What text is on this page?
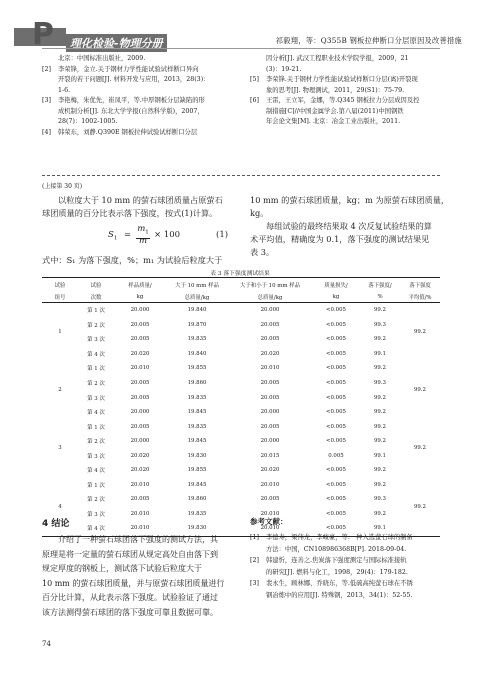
P	理化检验-物理分册	祁毅翔，等：Q355B 钢板拉伸断口分层原因及改善措施
北京：中国标准出版社，2009.
[2] 李荣锋，金立.关于钢材力学性能试验试样断口异向
开裂的若干问题[J]. 材料开发与应用，2013，28(3)：
1-6.
[3] 李艳梅，朱优先，崔凤平，等.中厚钢板分层缺陷的形
成机制分析[J]. 东北大学学报(自然科学版)，2007，
28(7)：1002-1005.
[4] 韩荣东，刘静.Q390E 钢板拉伸试验试样断口分层
因分析[J]. 武汉工程职业技术学院学报，2009，21
(3)：19-21.
[5] 李荣锋.关于钢材力学性能试验试样断口分层(离)开裂现
象的思考[J]. 物理测试，2011，29(S1)：75-79.
[6] 王雷，王立军，金娜，等.Q345 钢板拉力分层成因及控
制措施[C]//中国金属学会.第八届(2011)中国钢铁
年会论文集[M]. 北京：冶金工业出版社，2011.
(上接第 30 页)
以粒度大于 10 mm 的萤石球团质量占原萤石
球团质量的百分比表示落下强度，按式(1)计算。
$S_1$ =
$m_1$
m
× 100	(1)
式中：S₁ 为落下强度，%；m₁ 为试验后粒度大于
10 mm 的萤石球团质量，kg；m 为原萤石球团质量，
kg。
每组试验的最终结果取 4 次反复试验结果的算
术平均值，精确度为 0.1，落下强度的测试结果见
表 3。
表 3 落下强度测试结果
试验	试验	样品质量/	大于 10 mm 样品	大于和小于 10 mm 样品	质量损失/	落下强度/	落下强度
组号	次数	kg	总质量/kg	总质量/kg	kg	%	平均值/%
1	第 1 次	20.000	19.840	20.000	<0.005	99.2	99.2
	第 2 次	20.005	19.870	20.005	<0.005	99.3	
	第 3 次	20.005	19.835	20.005	<0.005	99.2	
	第 4 次	20.020	19.840	20.020	<0.005	99.1	
2	第 1 次	20.010	19.855	20.010	<0.005	99.2	99.2
	第 2 次	20.005	19.860	20.005	<0.005	99.3	
	第 3 次	20.005	19.835	20.005	<0.005	99.2	
	第 4 次	20.000	19.845	20.000	<0.005	99.2	
3	第 1 次	20.005	19.835	20.005	<0.005	99.2	99.2
	第 2 次	20.000	19.845	20.000	<0.005	99.2	
	第 3 次	20.020	19.830	20.015	0.005	99.1	
	第 4 次	20.020	19.855	20.020	<0.005	99.2	
4	第 1 次	20.010	19.845	20.010	<0.005	99.2	99.2
	第 2 次	20.005	19.860	20.005	<0.005	99.3	
	第 3 次	20.010	19.835	20.010	<0.005	99.2	
	第 4 次	20.010	19.830	20.010	<0.005	99.1	
4 结论
介绍了一种萤石球团落下强度的测试方法，其
原理是将一定量的萤石球团从规定高处自由落下到
规定厚度的钢板上，测试落下试验后粒度大于
10 mm 的萤石球团质量，并与原萤石球团质量进行
百分比计算，从此表示落下强度。试验验证了通过
该方法测得萤石球团的落下强度可靠且数据可靠。
参考文献：
[1] 李德寿，梁伟龙，李峻豪，等.一种入选萤石球的制备
方法：中国，CN108986368B[P]. 2018-09-04.
[2] 韩建忻，连善之.焦炭落下强度测定与国际标准接轨
的研究[J]. 燃料与化工，1998，29(4)：179-182.
[3] 裴永生，顾林娜，乔晓东，等.低硫高纯萤石球在不锈
钢冶炼中的应用[J]. 特殊钢，2013，34(1)：52-55.
74
